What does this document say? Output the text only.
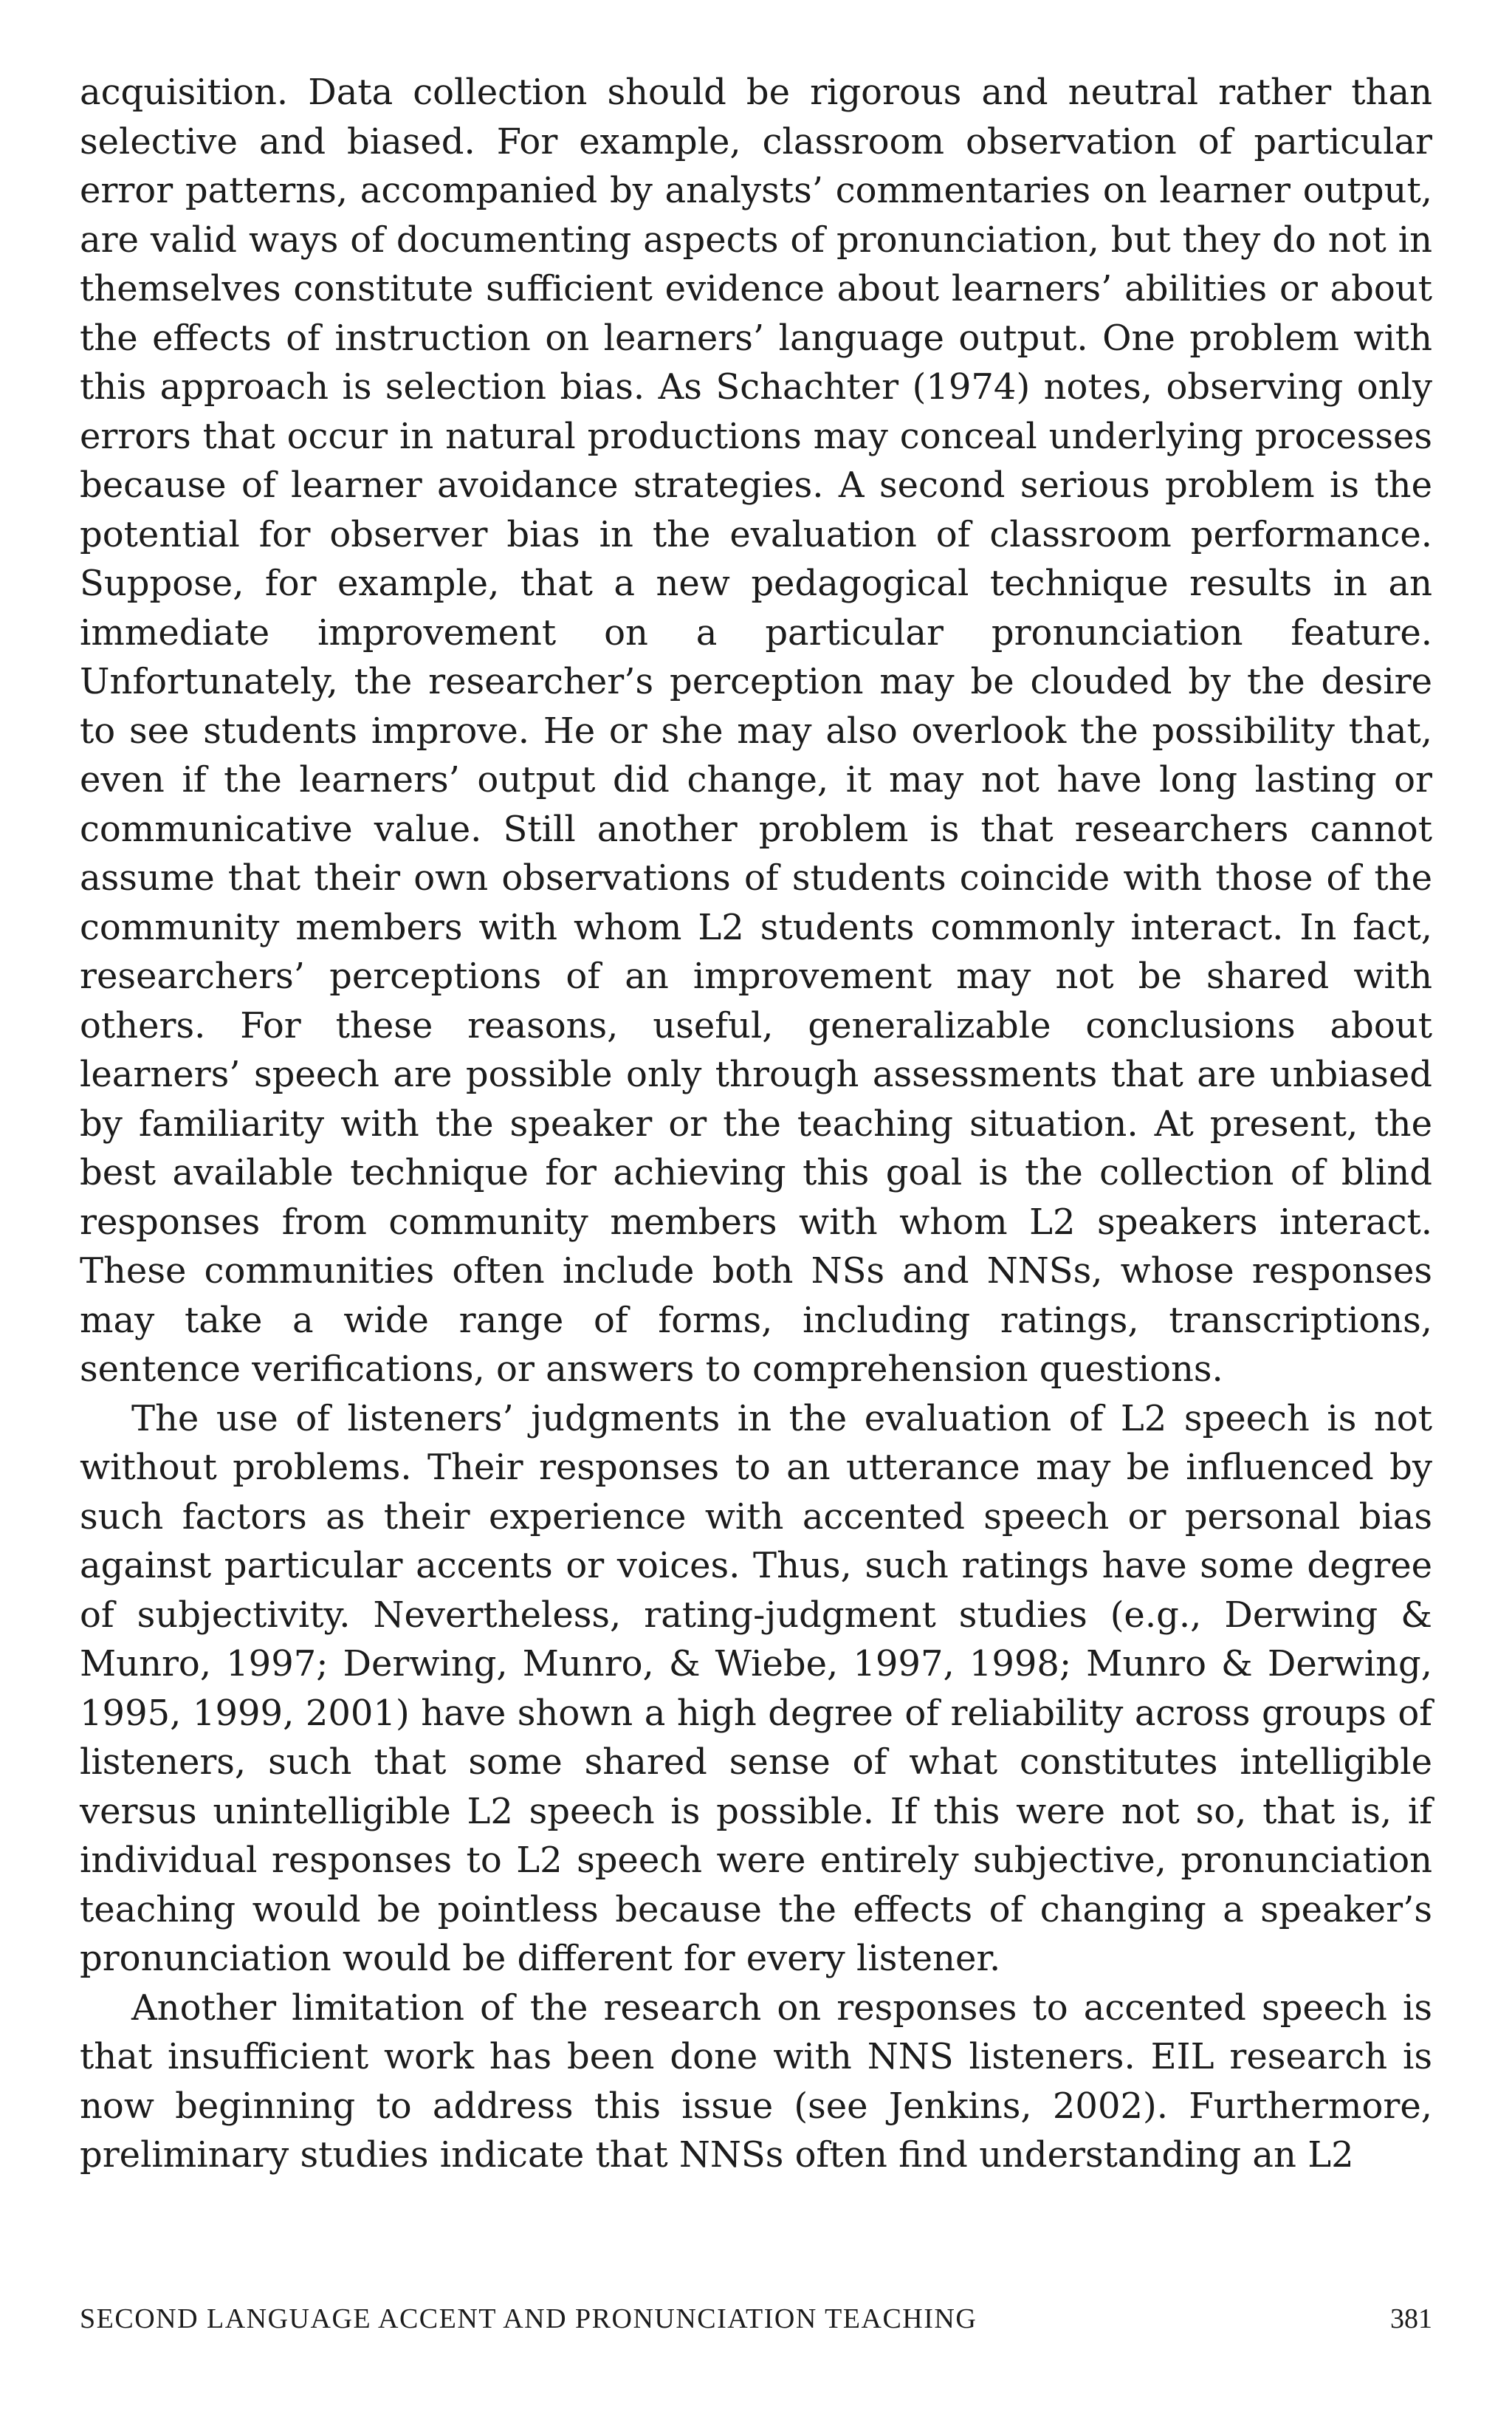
acquisition. Data collection should be rigorous and neutral rather than selective and biased. For example, classroom observation of particular error patterns, accompanied by analysts’ commentaries on learner output, are valid ways of documenting aspects of pronunciation, but they do not in themselves constitute sufficient evidence about learners’ abilities or about the effects of instruction on learners’ language output. One problem with this approach is selection bias. As Schachter (1974) notes, observing only errors that occur in natural productions may conceal underlying processes because of learner avoidance strategies. A second serious problem is the potential for observer bias in the evaluation of classroom performance. Suppose, for example, that a new pedagogical technique results in an immediate improvement on a particular pronunciation feature. Unfortunately, the researcher’s perception may be clouded by the desire to see students improve. He or she may also overlook the possibility that, even if the learners’ output did change, it may not have long lasting or communicative value. Still another problem is that researchers cannot assume that their own observations of students coincide with those of the community members with whom L2 students commonly interact. In fact, researchers’ perceptions of an improvement may not be shared with others. For these reasons, useful, generalizable conclusions about learners’ speech are possible only through assessments that are unbiased by familiarity with the speaker or the teaching situation. At present, the best available technique for achieving this goal is the collection of blind responses from community members with whom L2 speakers interact. These communities often include both NSs and NNSs, whose responses may take a wide range of forms, including ratings, transcriptions, sentence verifications, or answers to comprehension questions.

The use of listeners’ judgments in the evaluation of L2 speech is not without problems. Their responses to an utterance may be influenced by such factors as their experience with accented speech or personal bias against particular accents or voices. Thus, such ratings have some degree of subjectivity. Nevertheless, rating-judgment studies (e.g., Derwing & Munro, 1997; Derwing, Munro, & Wiebe, 1997, 1998; Munro & Derwing, 1995, 1999, 2001) have shown a high degree of reliability across groups of listeners, such that some shared sense of what constitutes intelligible versus unintelligible L2 speech is possible. If this were not so, that is, if individual responses to L2 speech were entirely subjective, pronunciation teaching would be pointless because the effects of changing a speaker’s pronunciation would be different for every listener.

Another limitation of the research on responses to accented speech is that insufficient work has been done with NNS listeners. EIL research is now beginning to address this issue (see Jenkins, 2002). Furthermore, preliminary studies indicate that NNSs often find understanding an L2

SECOND LANGUAGE ACCENT AND PRONUNCIATION TEACHING	381
